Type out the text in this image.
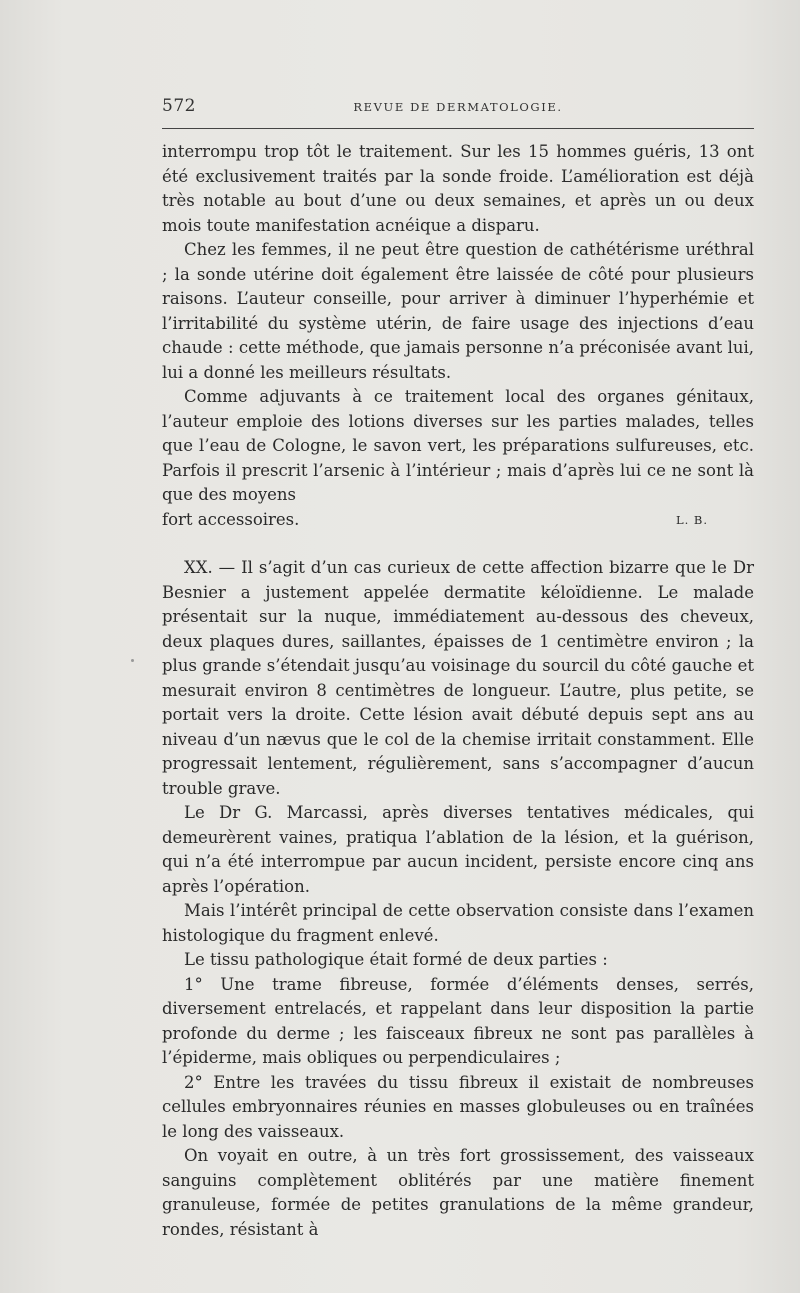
572	REVUE DE DERMATOLOGIE.

interrompu trop tôt le traitement. Sur les 15 hommes guéris, 13 ont été exclusivement traités par la sonde froide. L’amélioration est déjà très notable au bout d’une ou deux semaines, et après un ou deux mois toute manifestation acnéique a disparu.

Chez les femmes, il ne peut être question de cathétérisme uréthral ; la sonde utérine doit également être laissée de côté pour plusieurs raisons. L’auteur conseille, pour arriver à diminuer l’hyperhémie et l’irritabilité du système utérin, de faire usage des injections d’eau chaude : cette méthode, que jamais personne n’a préconisée avant lui, lui a donné les meilleurs résultats.

Comme adjuvants à ce traitement local des organes génitaux, l’auteur emploie des lotions diverses sur les parties malades, telles que l’eau de Cologne, le savon vert, les préparations sulfureuses, etc. Parfois il prescrit l’arsenic à l’intérieur ; mais d’après lui ce ne sont là que des moyens

fort accessoires.	L. B.

XX. — Il s’agit d’un cas curieux de cette affection bizarre que le Dr Besnier a justement appelée dermatite kéloïdienne. Le malade présentait sur la nuque, immédiatement au-dessous des cheveux, deux plaques dures, saillantes, épaisses de 1 centimètre environ ; la plus grande s’étendait jusqu’au voisinage du sourcil du côté gauche et mesurait environ 8 centimètres de longueur. L’autre, plus petite, se portait vers la droite. Cette lésion avait débuté depuis sept ans au niveau d’un nævus que le col de la chemise irritait constamment. Elle progressait lentement, régulièrement, sans s’accompagner d’aucun trouble grave.

Le Dr G. Marcassi, après diverses tentatives médicales, qui demeurèrent vaines, pratiqua l’ablation de la lésion, et la guérison, qui n’a été interrompue par aucun incident, persiste encore cinq ans après l’opération.

Mais l’intérêt principal de cette observation consiste dans l’examen histologique du fragment enlevé.

Le tissu pathologique était formé de deux parties :

1° Une trame fibreuse, formée d’éléments denses, serrés, diversement entrelacés, et rappelant dans leur disposition la partie profonde du derme ; les faisceaux fibreux ne sont pas parallèles à l’épiderme, mais obliques ou perpendiculaires ;

2° Entre les travées du tissu fibreux il existait de nombreuses cellules embryonnaires réunies en masses globuleuses ou en traînées le long des vaisseaux.

On voyait en outre, à un très fort grossissement, des vaisseaux sanguins complètement oblitérés par une matière finement granuleuse, formée de petites granulations de la même grandeur, rondes, résistant à
